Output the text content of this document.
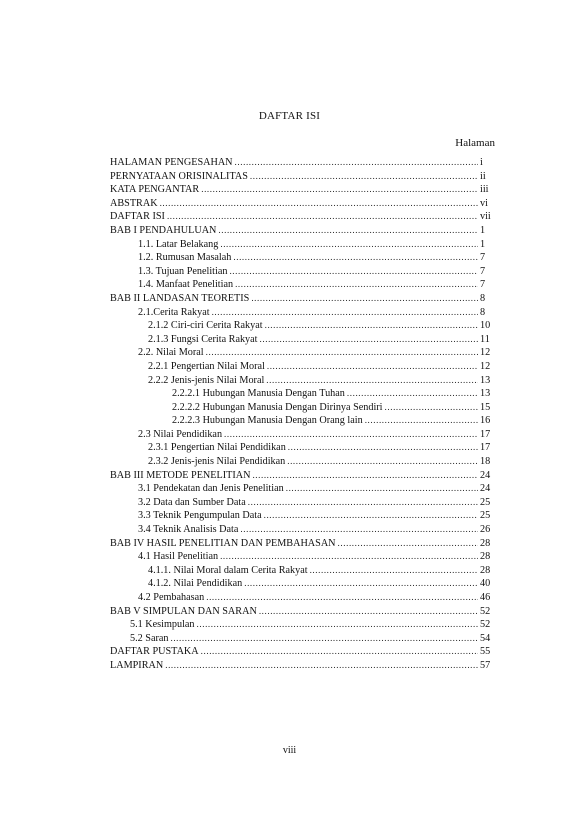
DAFTAR ISI
Halaman
HALAMAN PENGESAHAN .....	i
PERNYATAAN ORISINALITAS .....	ii
KATA PENGANTAR .....	iii
ABSTRAK .....	vi
DAFTAR ISI .....	vii
BAB I PENDAHULUAN .....	1
1.1. Latar Belakang .....	1
1.2. Rumusan Masalah .....	7
1.3. Tujuan Penelitian .....	7
1.4. Manfaat Penelitian .....	7
BAB II LANDASAN TEORETIS .....	8
2.1.Cerita Rakyat .....	8
2.1.2 Ciri-ciri Cerita Rakyat .....	10
2.1.3 Fungsi Cerita Rakyat .....	11
2.2. Nilai Moral .....	12
2.2.1 Pengertian Nilai Moral .....	12
2.2.2 Jenis-jenis Nilai Moral .....	13
2.2.2.1 Hubungan Manusia Dengan Tuhan .....	13
2.2.2.2 Hubungan Manusia Dengan Dirinya Sendiri .....	15
2.2.2.3 Hubungan Manusia Dengan Orang lain .....	16
2.3 Nilai Pendidikan .....	17
2.3.1 Pengertian Nilai Pendidikan .....	17
2.3.2 Jenis-jenis Nilai Pendidikan .....	18
BAB III METODE PENELITIAN .....	24
3.1 Pendekatan dan Jenis Penelitian .....	24
3.2 Data dan Sumber Data .....	25
3.3 Teknik Pengumpulan Data .....	25
3.4 Teknik Analisis Data .....	26
BAB IV HASIL PENELITIAN DAN PEMBAHASAN .....	28
4.1 Hasil Penelitian .....	28
4.1.1. Nilai Moral dalam Cerita Rakyat .....	28
4.1.2. Nilai Pendidikan .....	40
4.2 Pembahasan .....	46
BAB V SIMPULAN DAN SARAN .....	52
5.1 Kesimpulan .....	52
5.2 Saran .....	54
DAFTAR PUSTAKA .....	55
LAMPIRAN .....	57
viii
